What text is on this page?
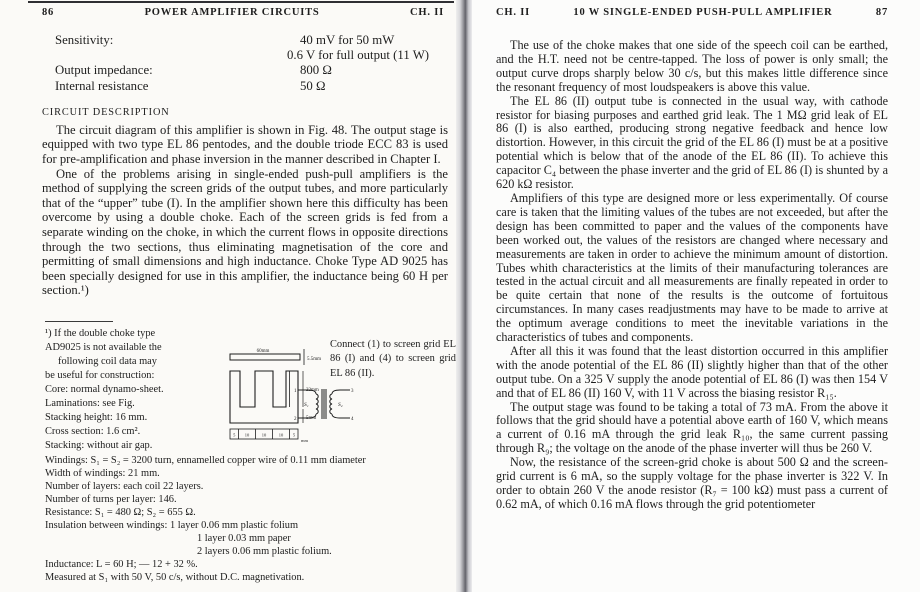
86	POWER AMPLIFIER CIRCUITS	CH. II
Sensitivity:	40 mV for 50 mW
0.6 V for full output (11 W)
Output impedance:	800 Ω
Internal resistance	50 Ω
CIRCUIT DESCRIPTION
The circuit diagram of this amplifier is shown in Fig. 48. The output stage is equipped with two type EL 86 pentodes, and the double triode ECC 83 is used for pre-amplification and phase inversion in the manner described in Chapter I.
One of the problems arising in single-ended push-pull amplifiers is the method of supplying the screen grids of the output tubes, and more particularly that of the “upper” tube (I). In the amplifier shown here this difficulty has been overcome by using a double choke. Each of the screen grids is fed from a separate winding on the choke, in which the current flows in opposite directions through the two sections, thus eliminating magnetisation of the core and permitting of small dimensions and high inductance. Choke Type AD 9025 has been specially designed for use in this amplifier, the inductance being 60 H per section.¹)
¹) If the double choke type
AD9025 is not available the
following coil data may
be useful for construction:
Core: normal dynamo-sheet.
Laminations: see Fig.
Stacking height: 16 mm.
Cross section: 1.6 cm².
Stacking: without air gap.
Connect (1) to screen grid EL 86 (I) and (4) to screen grid EL 86 (II).
60mm
5.5mm
22mm
5mm
5 10	10	10 5
mm
1
2
3
4
S₁	S₂
Windings: S₁ = S₂ = 3200 turn, ennamelled copper wire of 0.11 mm diameter
Width of windings: 21 mm.
Number of layers: each coil 22 layers.
Number of turns per layer: 146.
Resistance: S₁ = 480 Ω; S₂ = 655 Ω.
Insulation between windings: 1 layer 0.06 mm plastic folium
1 layer 0.03 mm paper
2 layers 0.06 mm plastic folium.
Inductance: L = 60 H; — 12 + 32 %.
Measured at S₁ with 50 V, 50 c/s, without D.C. magnetivation.
CH. II	10 W SINGLE-ENDED PUSH-PULL AMPLIFIER	87
The use of the choke makes that one side of the speech coil can be earthed, and the H.T. need not be centre-tapped. The loss of power is only small; the output curve drops sharply below 30 c/s, but this makes little difference since the resonant frequency of most loudspeakers is above this value.
The EL 86 (II) output tube is connected in the usual way, with cathode resistor for biasing purposes and earthed grid leak. The 1 MΩ grid leak of EL 86 (I) is also earthed, producing strong negative feedback and hence low distortion. However, in this circuit the grid of the EL 86 (I) must be at a positive potential which is below that of the anode of the EL 86 (II). To achieve this capacitor C₄ between the phase inverter and the grid of EL 86 (I) is shunted by a 620 kΩ resistor.
Amplifiers of this type are designed more or less experimentally. Of course care is taken that the limiting values of the tubes are not exceeded, but after the design has been committed to paper and the values of the components have been worked out, the values of the resistors are changed where necessary and measurements are taken in order to achieve the minimum amount of distortion. Tubes whith characteristics at the limits of their manufacturing tolerances are tested in the actual circuit and all measurements are finally repeated in order to be quite certain that none of the results is the outcome of fortuitous circumstances. In many cases readjustments may have to be made to arrive at the optimum average conditions to meet the inevitable variations in the characteristics of tubes and components.
After all this it was found that the least distortion occurred in this amplifier with the anode potential of the EL 86 (II) slightly higher than that of the other output tube. On a 325 V supply the anode potential of EL 86 (I) was then 154 V and that of EL 86 (II) 160 V, with 11 V across the biasing resistor R₁₅.
The output stage was found to be taking a total of 73 mA. From the above it follows that the grid should have a potential above earth of 160 V, which means a current of 0.16 mA through the grid leak R₁₀, the same current passing through R₉; the voltage on the anode of the phase inverter will thus be 260 V.
Now, the resistance of the screen-grid choke is about 500 Ω and the screen-grid current is 6 mA, so the supply voltage for the phase inverter is 322 V. In order to obtain 260 V the anode resistor (R₇ = 100 kΩ) must pass a current of 0.62 mA, of which 0.16 mA flows through the grid potentiometer
